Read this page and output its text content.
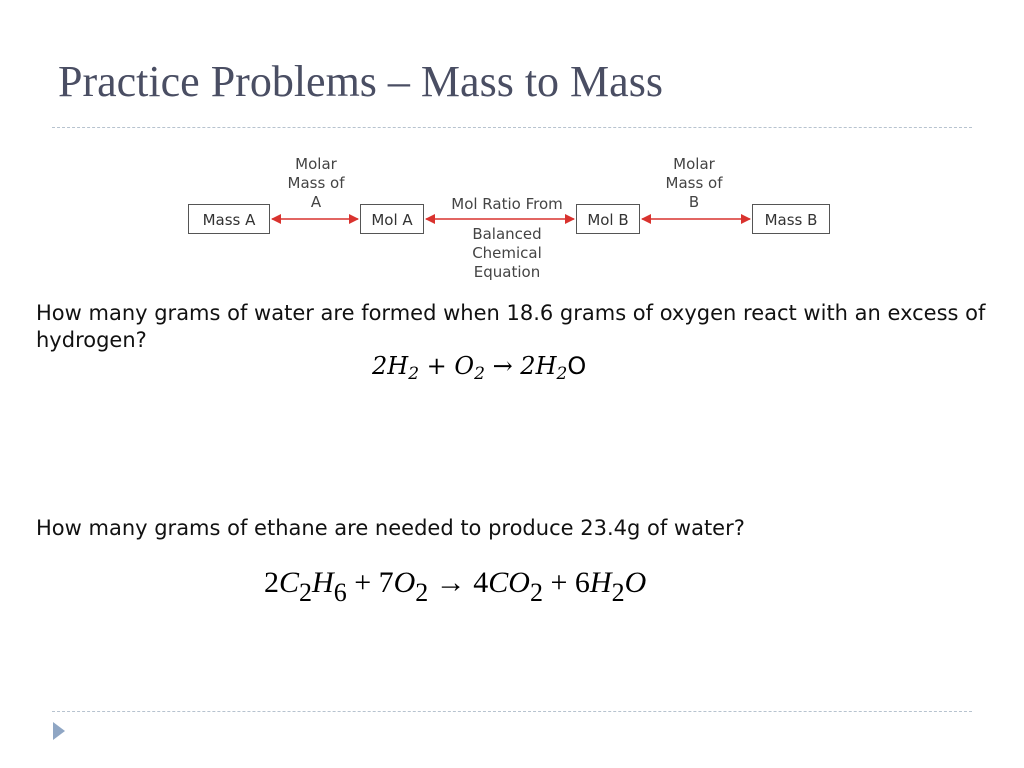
Practice Problems – Mass to Mass
Mass A	Mol A	Mol B	Mass B
Molar
Mass of
A
Molar
Mass of
B
Mol Ratio From
Balanced
Chemical
Equation
How many grams of water are formed when 18.6 grams of oxygen react with an excess of hydrogen?
$2H_2 + O_2 \to 2H_2O$
How many grams of ethane are needed to produce 23.4g of water?
$2C_2H_6 + 7O_2 \to 4CO_2 + 6H_2O$
